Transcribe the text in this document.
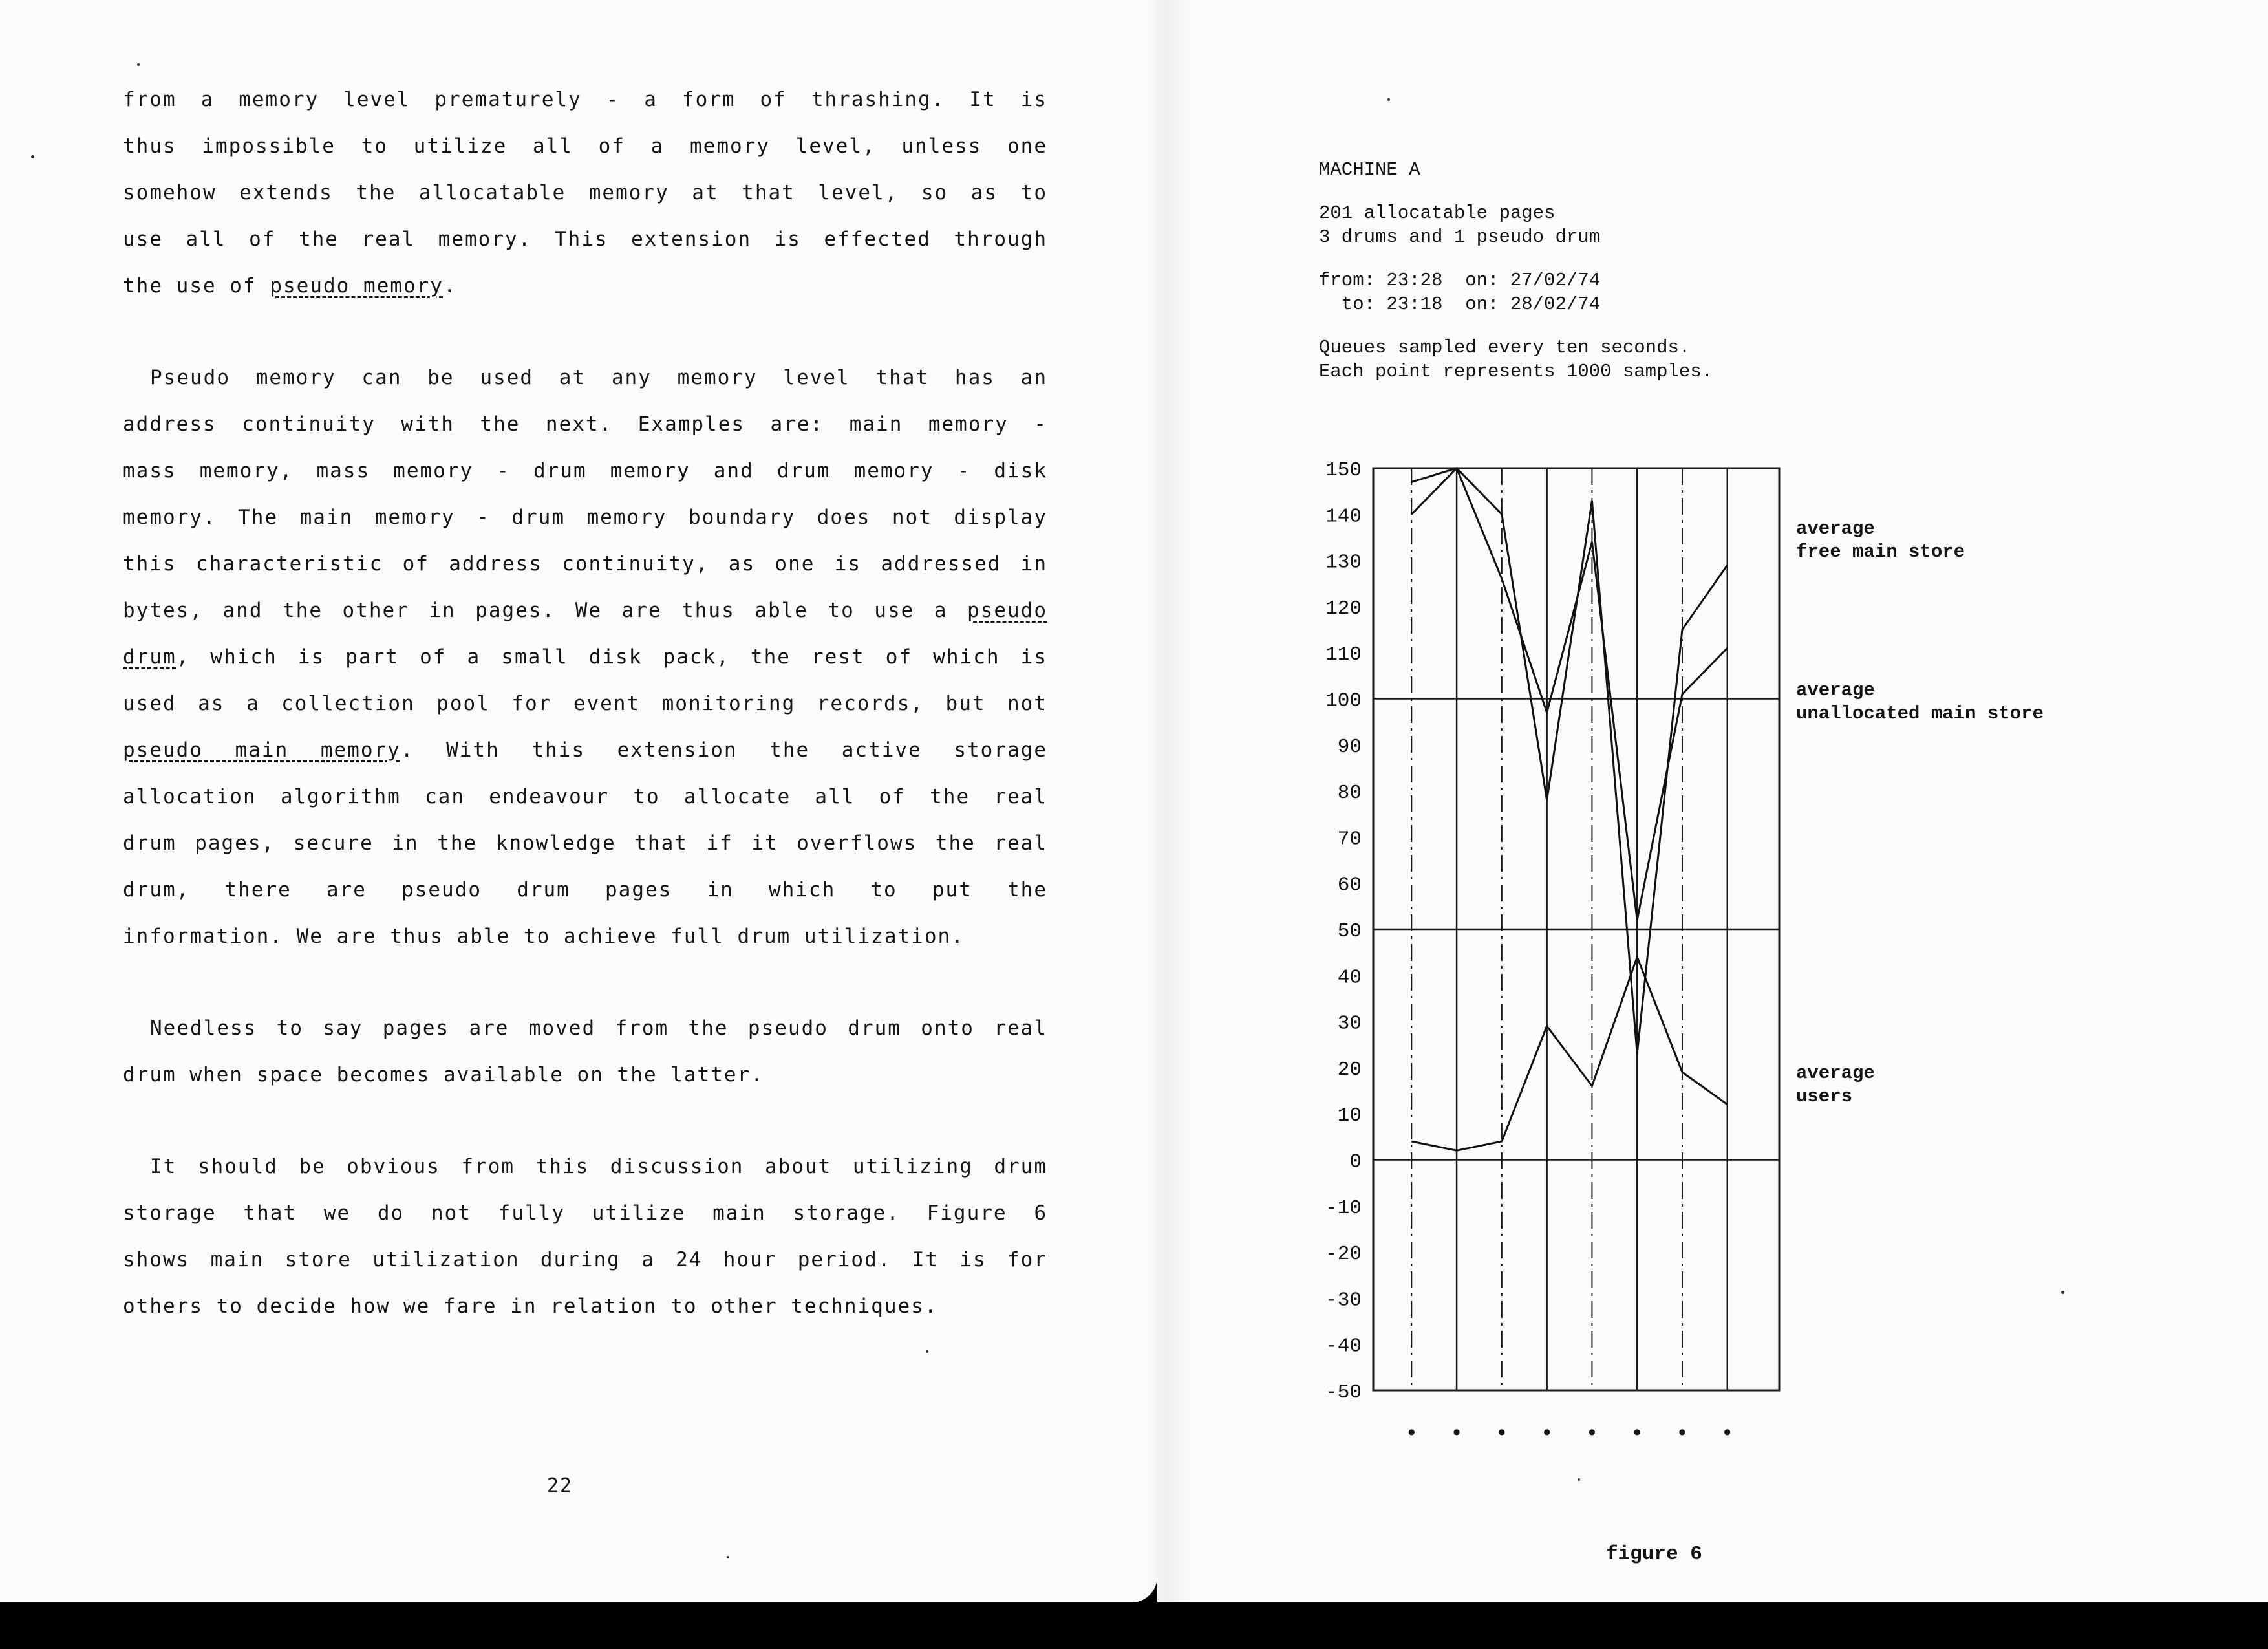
from a memory level prematurely - a form of thrashing. It is
thus impossible to utilize all of a memory level, unless one
somehow extends the allocatable memory at that level, so as to
use all of the real memory. This extension is effected through
the use of pseudo memory.
Pseudo memory can be used at any memory level that has an
address continuity with the next. Examples are: main memory -
mass memory, mass memory - drum memory and drum memory - disk
memory. The main memory - drum memory boundary does not display
this characteristic of address continuity, as one is addressed in
bytes, and the other in pages. We are thus able to use a pseudo
drum, which is part of a small disk pack, the rest of which is
used as a collection pool for event monitoring records, but not
pseudo main memory. With this extension the active storage
allocation algorithm can endeavour to allocate all of the real
drum pages, secure in the knowledge that if it overflows the real
drum, there are pseudo drum pages in which to put the
information. We are thus able to achieve full drum utilization.
Needless to say pages are moved from the pseudo drum onto real
drum when space becomes available on the latter.
It should be obvious from this discussion about utilizing drum
storage that we do not fully utilize main storage. Figure 6
shows main store utilization during a 24 hour period. It is for
others to decide how we fare in relation to other techniques.
22
MACHINE A
201 allocatable pages
3 drums and 1 pseudo drum
from: 23:28  on: 27/02/74
to: 23:18  on: 28/02/74
Queues sampled every ten seconds.
Each point represents 1000 samples.
150
140
130
120
110
100
90
80
70
60
50
40
30
20
10
0
-10
-20
-30
-40
-50
• • • • • • • •
average
free main store
average
unallocated main store
average
users
figure 6
